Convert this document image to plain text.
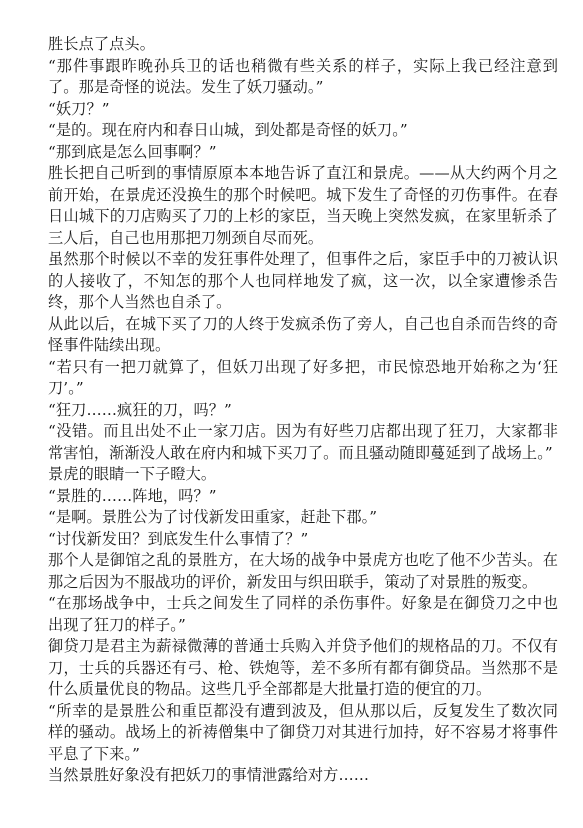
胜长点了点头。

“那件事跟昨晚孙兵卫的话也稍微有些关系的样子，实际上我已经注意到了。那是奇怪的说法。发生了妖刀骚动。”

“妖刀？”

“是的。现在府内和春日山城，到处都是奇怪的妖刀。”

“那到底是怎么回事啊？”

胜长把自己听到的事情原原本本地告诉了直江和景虎。——从大约两个月之前开始，在景虎还没换生的那个时候吧。城下发生了奇怪的刃伤事件。在春日山城下的刀店购买了刀的上杉的家臣，当天晚上突然发疯，在家里斩杀了三人后，自己也用那把刀刎颈自尽而死。

虽然那个时候以不幸的发狂事件处理了，但事件之后，家臣手中的刀被认识的人接收了，不知怎的那个人也同样地发了疯，这一次，以全家遭惨杀告终，那个人当然也自杀了。

从此以后，在城下买了刀的人终于发疯杀伤了旁人，自己也自杀而告终的奇怪事件陆续出现。

“若只有一把刀就算了，但妖刀出现了好多把，市民惊恐地开始称之为‘狂刀’。”

“狂刀……疯狂的刀，吗？”

“没错。而且出处不止一家刀店。因为有好些刀店都出现了狂刀，大家都非常害怕，渐渐没人敢在府内和城下买刀了。而且骚动随即蔓延到了战场上。”

景虎的眼睛一下子瞪大。

“景胜的……阵地，吗？”

“是啊。景胜公为了讨伐新发田重家，赶赴下郡。”

“讨伐新发田？到底发生什么事情了？”

那个人是御馆之乱的景胜方，在大场的战争中景虎方也吃了他不少苦头。在那之后因为不服战功的评价，新发田与织田联手，策动了对景胜的叛变。

“在那场战争中，士兵之间发生了同样的杀伤事件。好象是在御贷刀之中也出现了狂刀的样子。”

御贷刀是君主为薪禄微薄的普通士兵购入并贷予他们的规格品的刀。不仅有刀，士兵的兵器还有弓、枪、铁炮等，差不多所有都有御贷品。当然那不是什么质量优良的物品。这些几乎全部都是大批量打造的便宜的刀。

“所幸的是景胜公和重臣都没有遭到波及，但从那以后，反复发生了数次同样的骚动。战场上的祈祷僧集中了御贷刀对其进行加持，好不容易才将事件平息了下来。”

当然景胜好象没有把妖刀的事情泄露给对方……
